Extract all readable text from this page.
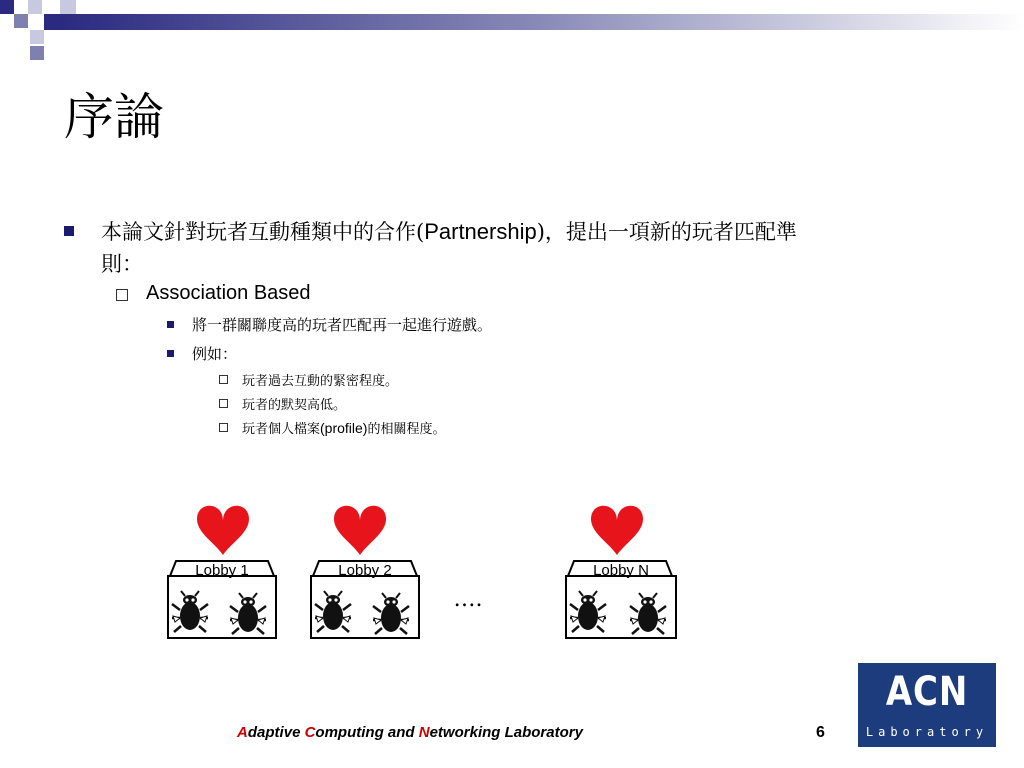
序論
本論文針對玩者互動種類中的合作(Partnership)，提出一項新的玩者匹配準
則：
Association Based
將一群關聯度高的玩者匹配再一起進行遊戲。
例如：
玩者過去互動的緊密程度。
玩者的默契高低。
玩者個人檔案(profile)的相關程度。
Lobby 1	Lobby 2
….
Lobby N
Adaptive Computing and Networking Laboratory	6
ACN
Laboratory
